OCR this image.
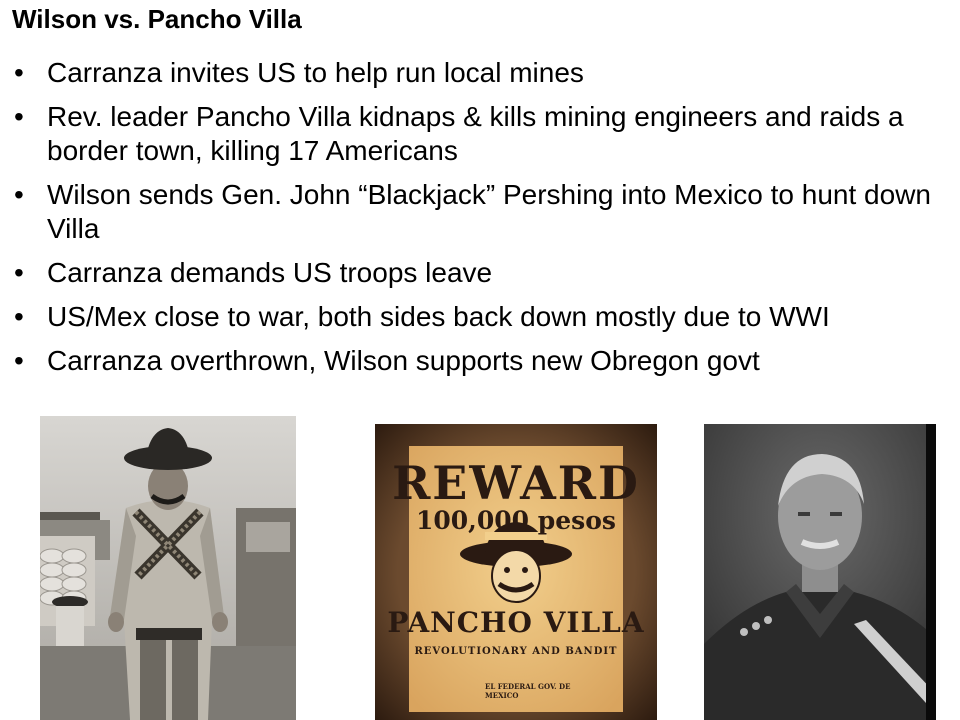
Wilson vs. Pancho Villa
• Carranza invites US to help run local mines
• Rev. leader Pancho Villa kidnaps & kills mining engineers and raids a border town, killing 17 Americans
• Wilson sends Gen. John “Blackjack” Pershing into Mexico to hunt down Villa
• Carranza demands US troops leave
• US/Mex close to war, both sides back down mostly due to WWI
• Carranza overthrown, Wilson supports new Obregon govt
REWARD
100,000 pesos
PANCHO VILLA
REVOLUTIONARY AND BANDIT
EL FEDERAL GOV. DE MEXICO
